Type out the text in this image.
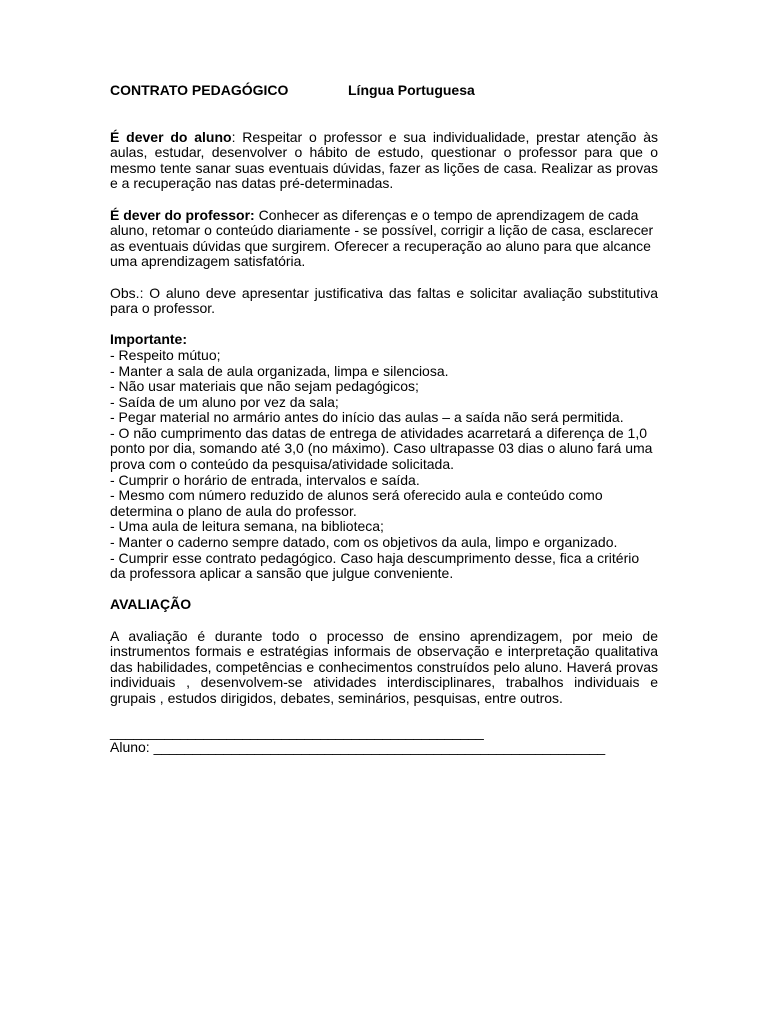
CONTRATO PEDAGÓGICO	Língua Portuguesa

É dever do aluno: Respeitar o professor e sua individualidade, prestar atenção às aulas, estudar, desenvolver o hábito de estudo, questionar o professor para que o mesmo tente sanar suas eventuais dúvidas, fazer as lições de casa. Realizar as provas e a recuperação nas datas pré-determinadas.

É dever do professor: Conhecer as diferenças e o tempo de aprendizagem de cada aluno, retomar o conteúdo diariamente - se possível, corrigir a lição de casa, esclarecer as eventuais dúvidas que surgirem. Oferecer a recuperação ao aluno para que alcance uma aprendizagem satisfatória.

Obs.: O aluno deve apresentar justificativa das faltas e solicitar avaliação substitutiva para o professor.

Importante:
- Respeito mútuo;
- Manter a sala de aula organizada, limpa e silenciosa.
- Não usar materiais que não sejam pedagógicos;
- Saída de um aluno por vez da sala;
- Pegar material no armário antes do início das aulas – a saída não será permitida.
- O não cumprimento das datas de entrega de atividades acarretará a diferença de 1,0 ponto por dia, somando até 3,0 (no máximo). Caso ultrapasse 03 dias o aluno fará uma prova com o conteúdo da pesquisa/atividade solicitada.
- Cumprir o horário de entrada, intervalos e saída.
- Mesmo com número reduzido de alunos será oferecido aula e conteúdo como determina o plano de aula do professor.
- Uma aula de leitura semana, na biblioteca;
- Manter o caderno sempre datado, com os objetivos da aula, limpo e organizado.
- Cumprir esse contrato pedagógico. Caso haja descumprimento desse, fica a critério da professora aplicar a sansão que julgue conveniente.
AVALIAÇÃO

A avaliação é durante todo o processo de ensino aprendizagem, por meio de instrumentos formais e estratégias informais de observação e interpretação qualitativa das habilidades, competências e conhecimentos construídos pelo aluno. Haverá provas individuais , desenvolvem-se atividades interdisciplinares, trabalhos individuais e grupais , estudos dirigidos, debates, seminários, pesquisas, entre outros.

________________________________________________
Aluno: __________________________________________________________
